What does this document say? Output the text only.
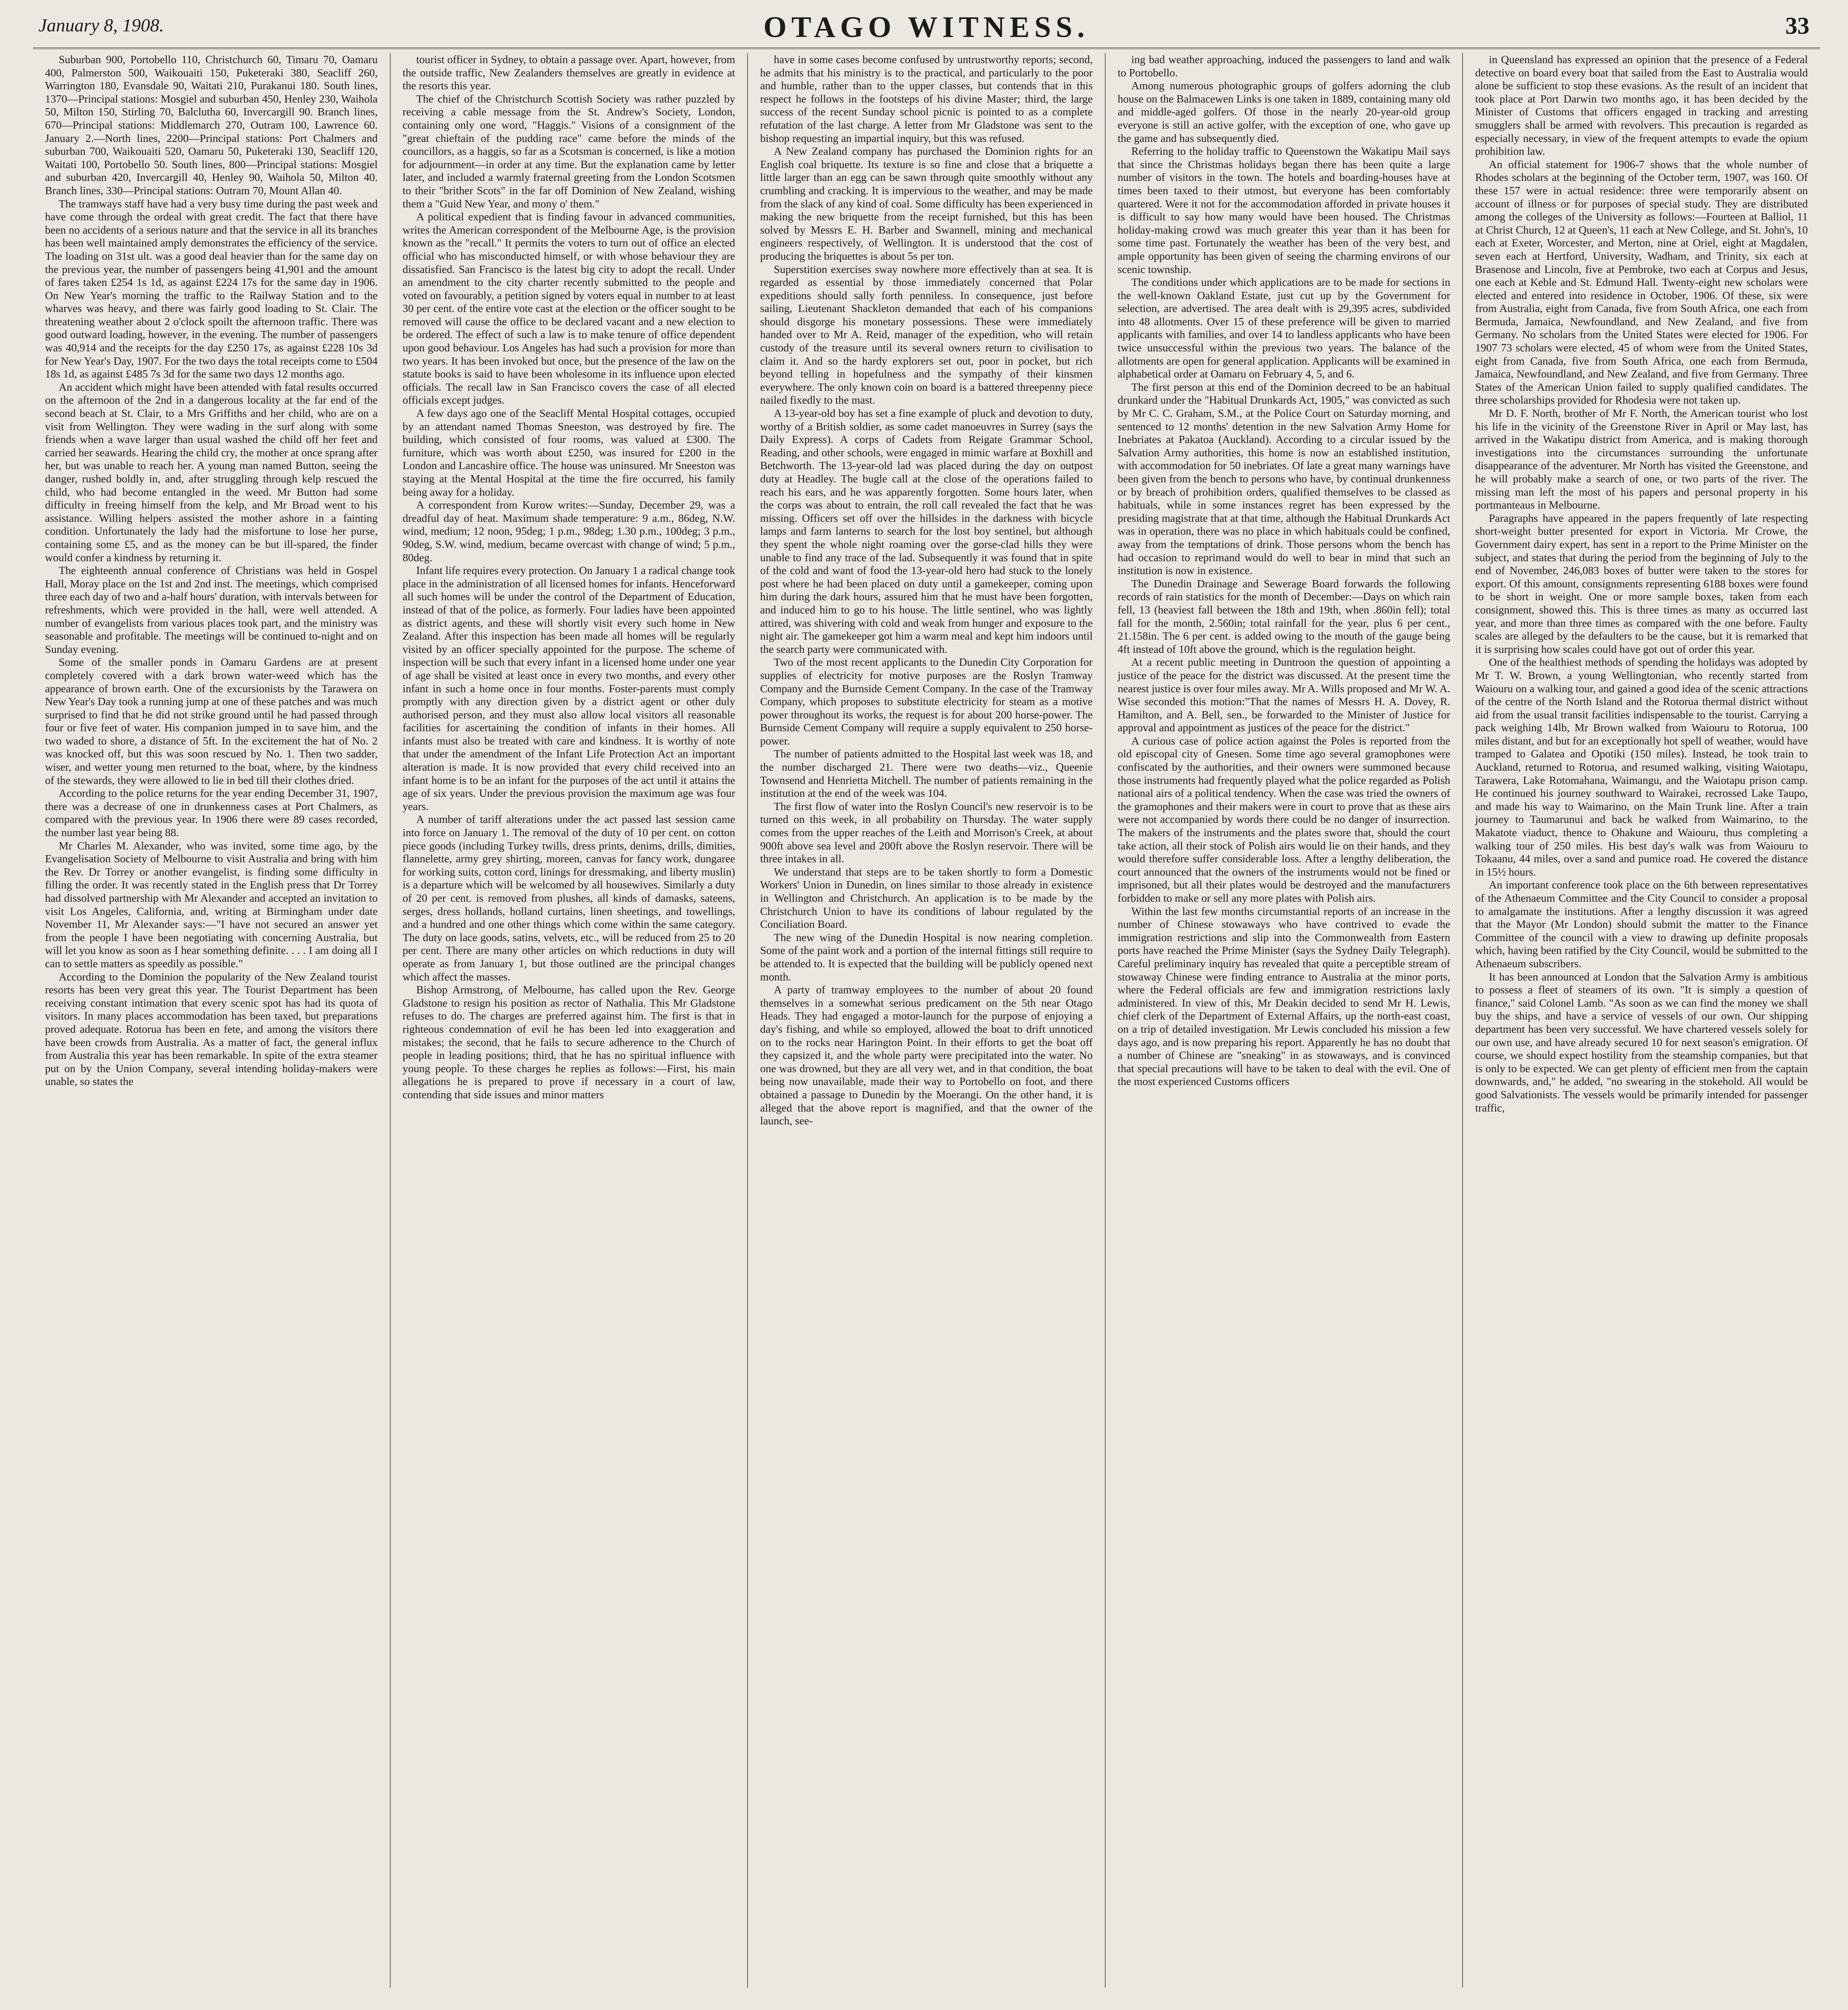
January 8, 1908.	OTAGO WITNESS.	33

Suburban 900, Portobello 110, Christchurch 60, Timaru 70, Oamaru 400, Palmerston 500, Waikouaiti 150, Puketeraki 380, Seacliff 260, Warrington 180, Evansdale 90, Waitati 210, Purakanui 180. South lines, 1370—Principal stations: Mosgiel and suburban 450, Henley 230, Waihola 50, Milton 150, Stirling 70, Balclutha 60, Invercargill 90. Branch lines, 670—Principal stations: Middlemarch 270, Outram 100, Lawrence 60. January 2.—North lines, 2200—Principal stations: Port Chalmers and suburban 700, Waikouaiti 520, Oamaru 50, Puketeraki 130, Seacliff 120, Waitati 100, Portobello 50. South lines, 800—Principal stations: Mosgiel and suburban 420, Invercargill 40, Henley 90, Waihola 50, Milton 40. Branch lines, 330—Principal stations: Outram 70, Mount Allan 40.

The tramways staff have had a very busy time during the past week and have come through the ordeal with great credit. The fact that there have been no accidents of a serious nature and that the service in all its branches has been well maintained amply demonstrates the efficiency of the service. The loading on 31st ult. was a good deal heavier than for the same day on the previous year, the number of passengers being 41,901 and the amount of fares taken £254 1s 1d, as against £224 17s for the same day in 1906. On New Year's morning the traffic to the Railway Station and to the wharves was heavy, and there was fairly good loading to St. Clair. The threatening weather about 2 o'clock spoilt the afternoon traffic. There was good outward loading, however, in the evening. The number of passengers was 40,914 and the receipts for the day £250 17s, as against £228 10s 3d for New Year's Day, 1907. For the two days the total receipts come to £504 18s 1d, as against £485 7s 3d for the same two days 12 months ago.

An accident which might have been attended with fatal results occurred on the afternoon of the 2nd in a dangerous locality at the far end of the second beach at St. Clair, to a Mrs Griffiths and her child, who are on a visit from Wellington. They were wading in the surf along with some friends when a wave larger than usual washed the child off her feet and carried her seawards. Hearing the child cry, the mother at once sprang after her, but was unable to reach her. A young man named Button, seeing the danger, rushed boldly in, and, after struggling through kelp rescued the child, who had become entangled in the weed. Mr Button had some difficulty in freeing himself from the kelp, and Mr Broad went to his assistance. Willing helpers assisted the mother ashore in a fainting condition. Unfortunately the lady had the misfortune to lose her purse, containing some £5, and as the money can be but ill-spared, the finder would confer a kindness by returning it.

The eighteenth annual conference of Christians was held in Gospel Hall, Moray place on the 1st and 2nd inst. The meetings, which comprised three each day of two and a-half hours' duration, with intervals between for refreshments, which were provided in the hall, were well attended. A number of evangelists from various places took part, and the ministry was seasonable and profitable. The meetings will be continued to-night and on Sunday evening.

Some of the smaller ponds in Oamaru Gardens are at present completely covered with a dark brown water-weed which has the appearance of brown earth. One of the excursionists by the Tarawera on New Year's Day took a running jump at one of these patches and was much surprised to find that he did not strike ground until he had passed through four or five feet of water. His companion jumped in to save him, and the two waded to shore, a distance of 5ft. In the excitement the hat of No. 2 was knocked off, but this was soon rescued by No. 1. Then two sadder, wiser, and wetter young men returned to the boat, where, by the kindness of the stewards, they were allowed to lie in bed till their clothes dried.

According to the police returns for the year ending December 31, 1907, there was a decrease of one in drunkenness cases at Port Chalmers, as compared with the previous year. In 1906 there were 89 cases recorded, the number last year being 88.

Mr Charles M. Alexander, who was invited, some time ago, by the Evangelisation Society of Melbourne to visit Australia and bring with him the Rev. Dr Torrey or another evangelist, is finding some difficulty in filling the order. It was recently stated in the English press that Dr Torrey had dissolved partnership with Mr Alexander and accepted an invitation to visit Los Angeles, California, and, writing at Birmingham under date November 11, Mr Alexander says:—"I have not secured an answer yet from the people I have been negotiating with concerning Australia, but will let you know as soon as I hear something definite. . . . I am doing all I can to settle matters as speedily as possible."

According to the Dominion the popularity of the New Zealand tourist resorts has been very great this year. The Tourist Department has been receiving constant intimation that every scenic spot has had its quota of visitors. In many places accommodation has been taxed, but preparations proved adequate. Rotorua has been en fete, and among the visitors there have been crowds from Australia. As a matter of fact, the general influx from Australia this year has been remarkable. In spite of the extra steamer put on by the Union Company, several intending holiday-makers were unable, so states the

tourist officer in Sydney, to obtain a passage over. Apart, however, from the outside traffic, New Zealanders themselves are greatly in evidence at the resorts this year.

The chief of the Christchurch Scottish Society was rather puzzled by receiving a cable message from the St. Andrew's Society, London, containing only one word, "Haggis." Visions of a consignment of the "great chieftain of the pudding race" came before the minds of the councillors, as a haggis, so far as a Scotsman is concerned, is like a motion for adjournment—in order at any time. But the explanation came by letter later, and included a warmly fraternal greeting from the London Scotsmen to their "brither Scots" in the far off Dominion of New Zealand, wishing them a "Guid New Year, and mony o' them."

A political expedient that is finding favour in advanced communities, writes the American correspondent of the Melbourne Age, is the provision known as the "recall." It permits the voters to turn out of office an elected official who has misconducted himself, or with whose behaviour they are dissatisfied. San Francisco is the latest big city to adopt the recall. Under an amendment to the city charter recently submitted to the people and voted on favourably, a petition signed by voters equal in number to at least 30 per cent. of the entire vote cast at the election or the officer sought to be removed will cause the office to be declared vacant and a new election to be ordered. The effect of such a law is to make tenure of office dependent upon good behaviour. Los Angeles has had such a provision for more than two years. It has been invoked but once, but the presence of the law on the statute books is said to have been wholesome in its influence upon elected officials. The recall law in San Francisco covers the case of all elected officials except judges.

A few days ago one of the Seacliff Mental Hospital cottages, occupied by an attendant named Thomas Sneeston, was destroyed by fire. The building, which consisted of four rooms, was valued at £300. The furniture, which was worth about £250, was insured for £200 in the London and Lancashire office. The house was uninsured. Mr Sneeston was staying at the Mental Hospital at the time the fire occurred, his family being away for a holiday.

A correspondent from Kurow writes:—Sunday, December 29, was a dreadful day of heat. Maximum shade temperature: 9 a.m., 86deg, N.W. wind, medium; 12 noon, 95deg; 1 p.m., 98deg; 1.30 p.m., 100deg; 3 p.m., 90deg, S.W. wind, medium, became overcast with change of wind; 5 p.m., 80deg.

Infant life requires every protection. On January 1 a radical change took place in the administration of all licensed homes for infants. Henceforward all such homes will be under the control of the Department of Education, instead of that of the police, as formerly. Four ladies have been appointed as district agents, and these will shortly visit every such home in New Zealand. After this inspection has been made all homes will be regularly visited by an officer specially appointed for the purpose. The scheme of inspection will be such that every infant in a licensed home under one year of age shall be visited at least once in every two months, and every other infant in such a home once in four months. Foster-parents must comply promptly with any direction given by a district agent or other duly authorised person, and they must also allow local visitors all reasonable facilities for ascertaining the condition of infants in their homes. All infants must also be treated with care and kindness. It is worthy of note that under the amendment of the Infant Life Protection Act an important alteration is made. It is now provided that every child received into an infant home is to be an infant for the purposes of the act until it attains the age of six years. Under the previous provision the maximum age was four years.

A number of tariff alterations under the act passed last session came into force on January 1. The removal of the duty of 10 per cent. on cotton piece goods (including Turkey twills, dress prints, denims, drills, dimities, flannelette, army grey shirting, moreen, canvas for fancy work, dungaree for working suits, cotton cord, linings for dressmaking, and liberty muslin) is a departure which will be welcomed by all housewives. Similarly a duty of 20 per cent. is removed from plushes, all kinds of damasks, sateens, serges, dress hollands, holland curtains, linen sheetings, and towellings, and a hundred and one other things which come within the same category. The duty on lace goods, satins, velvets, etc., will be reduced from 25 to 20 per cent. There are many other articles on which reductions in duty will operate as from January 1, but those outlined are the principal changes which affect the masses.

Bishop Armstrong, of Melbourne, has called upon the Rev. George Gladstone to resign his position as rector of Nathalia. This Mr Gladstone refuses to do. The charges are preferred against him. The first is that in righteous condemnation of evil he has been led into exaggeration and mistakes; the second, that he fails to secure adherence to the Church of people in leading positions; third, that he has no spiritual influence with young people. To these charges he replies as follows:—First, his main allegations he is prepared to prove if necessary in a court of law, contending that side issues and minor matters

have in some cases become confused by untrustworthy reports; second, he admits that his ministry is to the practical, and particularly to the poor and humble, rather than to the upper classes, but contends that in this respect he follows in the footsteps of his divine Master; third, the large success of the recent Sunday school picnic is pointed to as a complete refutation of the last charge. A letter from Mr Gladstone was sent to the bishop requesting an impartial inquiry, but this was refused.

A New Zealand company has purchased the Dominion rights for an English coal briquette. Its texture is so fine and close that a briquette a little larger than an egg can be sawn through quite smoothly without any crumbling and cracking. It is impervious to the weather, and may be made from the slack of any kind of coal. Some difficulty has been experienced in making the new briquette from the receipt furnished, but this has been solved by Messrs E. H. Barber and Swannell, mining and mechanical engineers respectively, of Wellington. It is understood that the cost of producing the briquettes is about 5s per ton.

Superstition exercises sway nowhere more effectively than at sea. It is regarded as essential by those immediately concerned that Polar expeditions should sally forth penniless. In consequence, just before sailing, Lieutenant Shackleton demanded that each of his companions should disgorge his monetary possessions. These were immediately handed over to Mr A. Reid, manager of the expedition, who will retain custody of the treasure until its several owners return to civilisation to claim it. And so the hardy explorers set out, poor in pocket, but rich beyond telling in hopefulness and the sympathy of their kinsmen everywhere. The only known coin on board is a battered threepenny piece nailed fixedly to the mast.

A 13-year-old boy has set a fine example of pluck and devotion to duty, worthy of a British soldier, as some cadet manoeuvres in Surrey (says the Daily Express). A corps of Cadets from Reigate Grammar School, Reading, and other schools, were engaged in mimic warfare at Boxhill and Betchworth. The 13-year-old lad was placed during the day on outpost duty at Headley. The bugle call at the close of the operations failed to reach his ears, and he was apparently forgotten. Some hours later, when the corps was about to entrain, the roll call revealed the fact that he was missing. Officers set off over the hillsides in the darkness with bicycle lamps and farm lanterns to search for the lost boy sentinel, but although they spent the whole night roaming over the gorse-clad hills they were unable to find any trace of the lad. Subsequently it was found that in spite of the cold and want of food the 13-year-old hero had stuck to the lonely post where he had been placed on duty until a gamekeeper, coming upon him during the dark hours, assured him that he must have been forgotten, and induced him to go to his house. The little sentinel, who was lightly attired, was shivering with cold and weak from hunger and exposure to the night air. The gamekeeper got him a warm meal and kept him indoors until the search party were communicated with.

Two of the most recent applicants to the Dunedin City Corporation for supplies of electricity for motive purposes are the Roslyn Tramway Company and the Burnside Cement Company. In the case of the Tramway Company, which proposes to substitute electricity for steam as a motive power throughout its works, the request is for about 200 horse-power. The Burnside Cement Company will require a supply equivalent to 250 horse-power.

The number of patients admitted to the Hospital last week was 18, and the number discharged 21. There were two deaths—viz., Queenie Townsend and Henrietta Mitchell. The number of patients remaining in the institution at the end of the week was 104.

The first flow of water into the Roslyn Council's new reservoir is to be turned on this week, in all probability on Thursday. The water supply comes from the upper reaches of the Leith and Morrison's Creek, at about 900ft above sea level and 200ft above the Roslyn reservoir. There will be three intakes in all.

We understand that steps are to be taken shortly to form a Domestic Workers' Union in Dunedin, on lines similar to those already in existence in Wellington and Christchurch. An application is to be made by the Christchurch Union to have its conditions of labour regulated by the Conciliation Board.

The new wing of the Dunedin Hospital is now nearing completion. Some of the paint work and a portion of the internal fittings still require to be attended to. It is expected that the building will be publicly opened next month.

A party of tramway employees to the number of about 20 found themselves in a somewhat serious predicament on the 5th near Otago Heads. They had engaged a motor-launch for the purpose of enjoying a day's fishing, and while so employed, allowed the boat to drift unnoticed on to the rocks near Harington Point. In their efforts to get the boat off they capsized it, and the whole party were precipitated into the water. No one was drowned, but they are all very wet, and in that condition, the boat being now unavailable, made their way to Portobello on foot, and there obtained a passage to Dunedin by the Moerangi. On the other hand, it is alleged that the above report is magnified, and that the owner of the launch, see-

ing bad weather approaching, induced the passengers to land and walk to Portobello.

Among numerous photographic groups of golfers adorning the club house on the Balmacewen Links is one taken in 1889, containing many old and middle-aged golfers. Of those in the nearly 20-year-old group everyone is still an active golfer, with the exception of one, who gave up the game and has subsequently died.

Referring to the holiday traffic to Queenstown the Wakatipu Mail says that since the Christmas holidays began there has been quite a large number of visitors in the town. The hotels and boarding-houses have at times been taxed to their utmost, but everyone has been comfortably quartered. Were it not for the accommodation afforded in private houses it is difficult to say how many would have been housed. The Christmas holiday-making crowd was much greater this year than it has been for some time past. Fortunately the weather has been of the very best, and ample opportunity has been given of seeing the charming environs of our scenic township.

The conditions under which applications are to be made for sections in the well-known Oakland Estate, just cut up by the Government for selection, are advertised. The area dealt with is 29,395 acres, subdivided into 48 allotments. Over 15 of these preference will be given to married applicants with families, and over 14 to landless applicants who have been twice unsuccessful within the previous two years. The balance of the allotments are open for general application. Applicants will be examined in alphabetical order at Oamaru on February 4, 5, and 6.

The first person at this end of the Dominion decreed to be an habitual drunkard under the "Habitual Drunkards Act, 1905," was convicted as such by Mr C. C. Graham, S.M., at the Police Court on Saturday morning, and sentenced to 12 months' detention in the new Salvation Army Home for Inebriates at Pakatoa (Auckland). According to a circular issued by the Salvation Army authorities, this home is now an established institution, with accommodation for 50 inebriates. Of late a great many warnings have been given from the bench to persons who have, by continual drunkenness or by breach of prohibition orders, qualified themselves to be classed as habituals, while in some instances regret has been expressed by the presiding magistrate that at that time, although the Habitual Drunkards Act was in operation, there was no place in which habituals could be confined, away from the temptations of drink. Those persons whom the bench has had occasion to reprimand would do well to bear in mind that such an institution is now in existence.

The Dunedin Drainage and Sewerage Board forwards the following records of rain statistics for the month of December:—Days on which rain fell, 13 (heaviest fall between the 18th and 19th, when .860in fell); total fall for the month, 2.560in; total rainfall for the year, plus 6 per cent., 21.158in. The 6 per cent. is added owing to the mouth of the gauge being 4ft instead of 10ft above the ground, which is the regulation height.

At a recent public meeting in Duntroon the question of appointing a justice of the peace for the district was discussed. At the present time the nearest justice is over four miles away. Mr A. Wills proposed and Mr W. A. Wise seconded this motion:"That the names of Messrs H. A. Dovey, R. Hamilton, and A. Bell, sen., be forwarded to the Minister of Justice for approval and appointment as justices of the peace for the district."

A curious case of police action against the Poles is reported from the old episcopal city of Gnesen. Some time ago several gramophones were confiscated by the authorities, and their owners were summoned because those instruments had frequently played what the police regarded as Polish national airs of a political tendency. When the case was tried the owners of the gramophones and their makers were in court to prove that as these airs were not accompanied by words there could be no danger of insurrection. The makers of the instruments and the plates swore that, should the court take action, all their stock of Polish airs would lie on their hands, and they would therefore suffer considerable loss. After a lengthy deliberation, the court announced that the owners of the instruments would not be fined or imprisoned, but all their plates would be destroyed and the manufacturers forbidden to make or sell any more plates with Polish airs.

Within the last few months circumstantial reports of an increase in the number of Chinese stowaways who have contrived to evade the immigration restrictions and slip into the Commonwealth from Eastern ports have reached the Prime Minister (says the Sydney Daily Telegraph). Careful preliminary inquiry has revealed that quite a perceptible stream of stowaway Chinese were finding entrance to Australia at the minor ports, where the Federal officials are few and immigration restrictions laxly administered. In view of this, Mr Deakin decided to send Mr H. Lewis, chief clerk of the Department of External Affairs, up the north-east coast, on a trip of detailed investigation. Mr Lewis concluded his mission a few days ago, and is now preparing his report. Apparently he has no doubt that a number of Chinese are "sneaking" in as stowaways, and is convinced that special precautions will have to be taken to deal with the evil. One of the most experienced Customs officers

in Queensland has expressed an opinion that the presence of a Federal detective on board every boat that sailed from the East to Australia would alone be sufficient to stop these evasions. As the result of an incident that took place at Port Darwin two months ago, it has been decided by the Minister of Customs that officers engaged in tracking and arresting smugglers shall be armed with revolvers. This precaution is regarded as especially necessary, in view of the frequent attempts to evade the opium prohibition law.

An official statement for 1906-7 shows that the whole number of Rhodes scholars at the beginning of the October term, 1907, was 160. Of these 157 were in actual residence: three were temporarily absent on account of illness or for purposes of special study. They are distributed among the colleges of the University as follows:—Fourteen at Balliol, 11 at Christ Church, 12 at Queen's, 11 each at New College, and St. John's, 10 each at Exeter, Worcester, and Merton, nine at Oriel, eight at Magdalen, seven each at Hertford, University, Wadham, and Trinity, six each at Brasenose and Lincoln, five at Pembroke, two each at Corpus and Jesus, one each at Keble and St. Edmund Hall. Twenty-eight new scholars were elected and entered into residence in October, 1906. Of these, six were from Australia, eight from Canada, five from South Africa, one each from Bermuda, Jamaica, Newfoundland, and New Zealand, and five from Germany. No scholars from the United States were elected for 1906. For 1907 73 scholars were elected, 45 of whom were from the United States, eight from Canada, five from South Africa, one each from Bermuda, Jamaica, Newfoundland, and New Zealand, and five from Germany. Three States of the American Union failed to supply qualified candidates. The three scholarships provided for Rhodesia were not taken up.

Mr D. F. North, brother of Mr F. North, the American tourist who lost his life in the vicinity of the Greenstone River in April or May last, has arrived in the Wakatipu district from America, and is making thorough investigations into the circumstances surrounding the unfortunate disappearance of the adventurer. Mr North has visited the Greenstone, and he will probably make a search of one, or two parts of the river. The missing man left the most of his papers and personal property in his portmanteaus in Melbourne.

Paragraphs have appeared in the papers frequently of late respecting short-weight butter presented for export in Victoria. Mr Crowe, the Government dairy expert, has sent in a report to the Prime Minister on the subject, and states that during the period from the beginning of July to the end of November, 246,083 boxes of butter were taken to the stores for export. Of this amount, consignments representing 6188 boxes were found to be short in weight. One or more sample boxes, taken from each consignment, showed this. This is three times as many as occurred last year, and more than three times as compared with the one before. Faulty scales are alleged by the defaulters to be the cause, but it is remarked that it is surprising how scales could have got out of order this year.

One of the healthiest methods of spending the holidays was adopted by Mr T. W. Brown, a young Wellingtonian, who recently started from Waiouru on a walking tour, and gained a good idea of the scenic attractions of the centre of the North Island and the Rotorua thermal district without aid from the usual transit facilities indispensable to the tourist. Carrying a pack weighing 14lb, Mr Brown walked from Waiouru to Rotorua, 100 miles distant, and but for an exceptionally hot spell of weather, would have tramped to Galatea and Opotiki (150 miles). Instead, he took train to Auckland, returned to Rotorua, and resumed walking, visiting Waiotapu, Tarawera, Lake Rotomahana, Waimangu, and the Waiotapu prison camp. He continued his journey southward to Wairakei, recrossed Lake Taupo, and made his way to Waimarino, on the Main Trunk line. After a train journey to Taumarunui and back he walked from Waimarino, to the Makatote viaduct, thence to Ohakune and Waiouru, thus completing a walking tour of 250 miles. His best day's walk was from Waiouru to Tokaanu, 44 miles, over a sand and pumice road. He covered the distance in 15½ hours.

An important conference took place on the 6th between representatives of the Athenaeum Committee and the City Council to consider a proposal to amalgamate the institutions. After a lengthy discussion it was agreed that the Mayor (Mr London) should submit the matter to the Finance Committee of the council with a view to drawing up definite proposals which, having been ratified by the City Council, would be submitted to the Athenaeum subscribers.

It has been announced at London that the Salvation Army is ambitious to possess a fleet of steamers of its own. "It is simply a question of finance," said Colonel Lamb. "As soon as we can find the money we shall buy the ships, and have a service of vessels of our own. Our shipping department has been very successful. We have chartered vessels solely for our own use, and have already secured 10 for next season's emigration. Of course, we should expect hostility from the steamship companies, but that is only to be expected. We can get plenty of efficient men from the captain downwards, and," he added, "no swearing in the stokehold. All would be good Salvationists. The vessels would be primarily intended for passenger traffic,
